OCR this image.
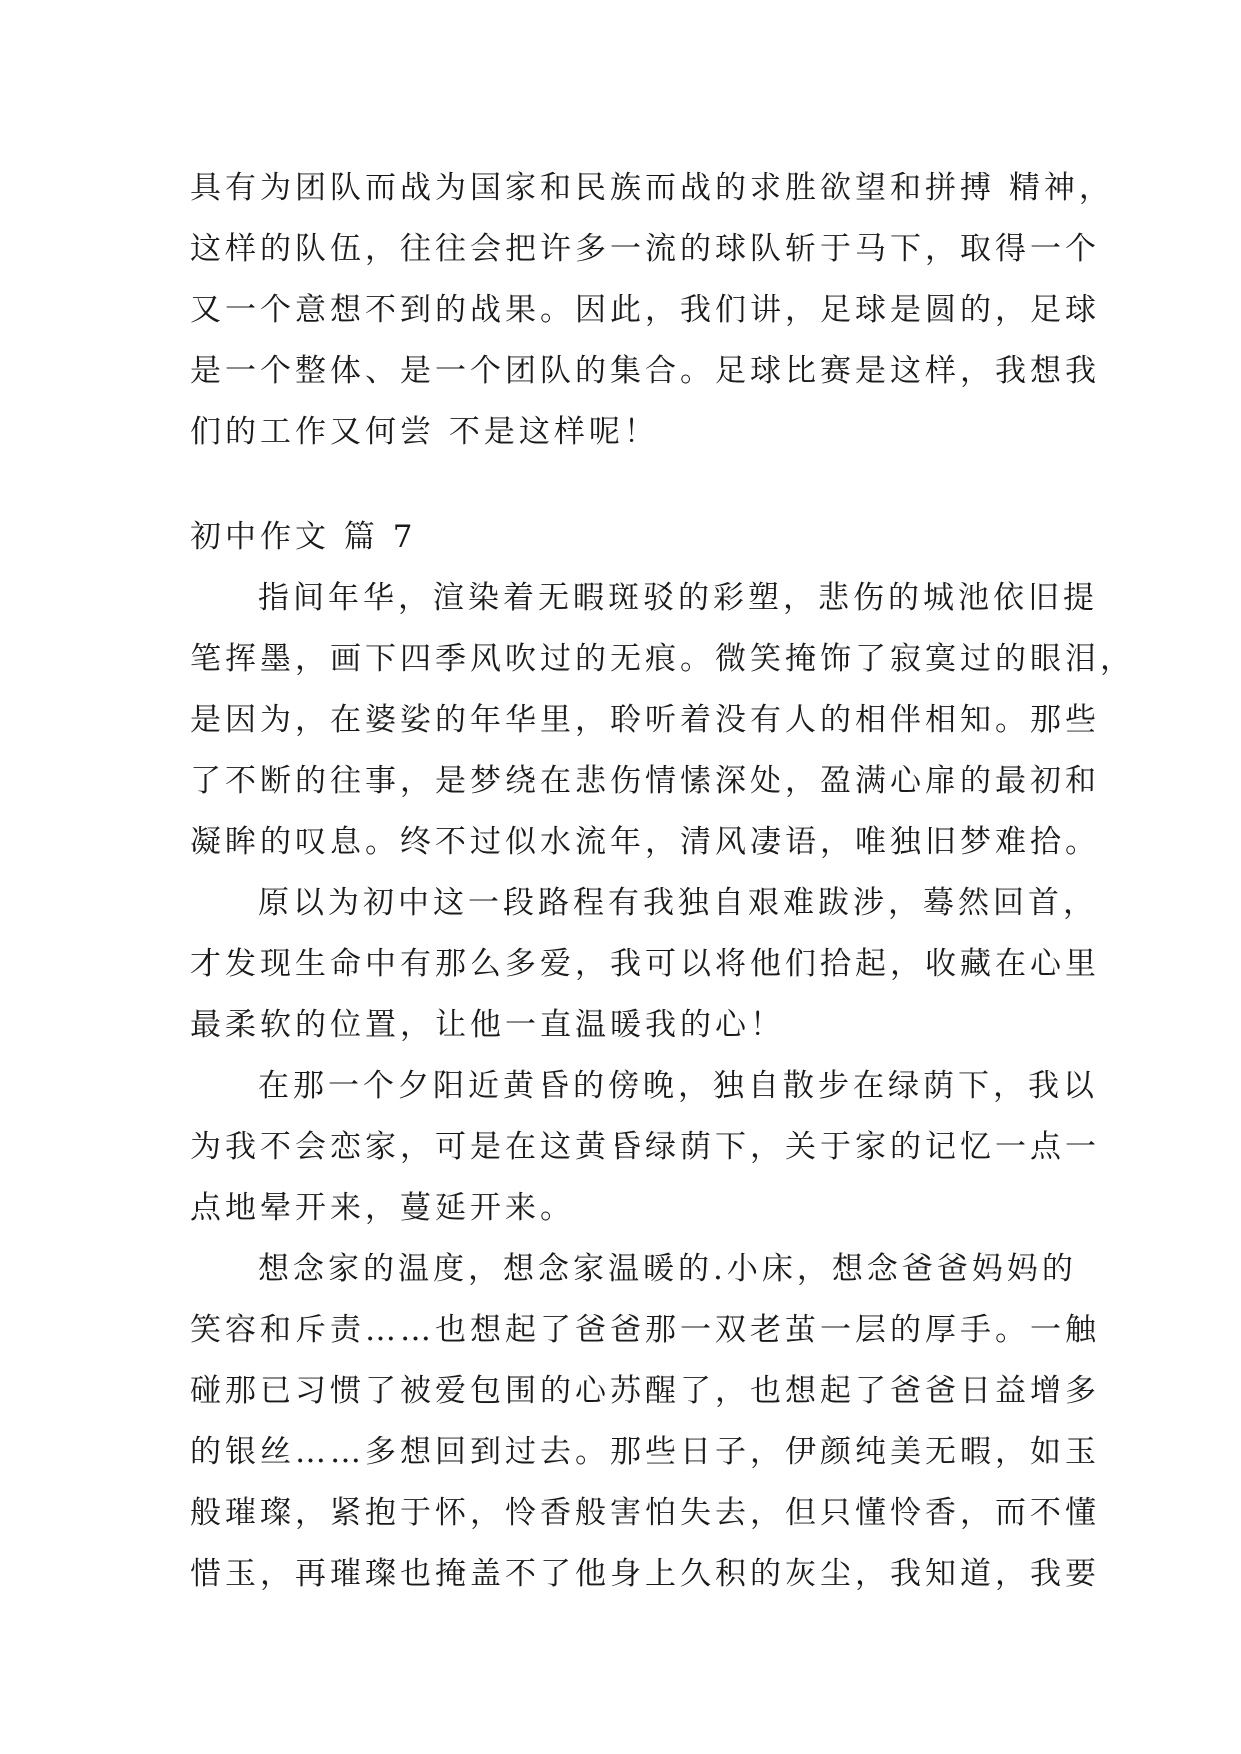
具有为团队而战为国家和民族而战的求胜欲望和拼搏 精神，
这样的队伍，往往会把许多一流的球队斩于马下，取得一个
又一个意想不到的战果。因此，我们讲，足球是圆的，足球
是一个整体、是一个团队的集合。足球比赛是这样，我想我
们的工作又何尝 不是这样呢！
初中作文 篇 7
指间年华，渲染着无暇斑驳的彩塑，悲伤的城池依旧提
笔挥墨，画下四季风吹过的无痕。微笑掩饰了寂寞过的眼泪，
是因为，在婆娑的年华里，聆听着没有人的相伴相知。那些
了不断的往事，是梦绕在悲伤情愫深处，盈满心扉的最初和
凝眸的叹息。终不过似水流年，清风凄语，唯独旧梦难拾。
原以为初中这一段路程有我独自艰难跋涉，蓦然回首，
才发现生命中有那么多爱，我可以将他们拾起，收藏在心里
最柔软的位置，让他一直温暖我的心！
在那一个夕阳近黄昏的傍晚，独自散步在绿荫下，我以
为我不会恋家，可是在这黄昏绿荫下，关于家的记忆一点一
点地晕开来，蔓延开来。
想念家的温度，想念家温暖的.小床，想念爸爸妈妈的
笑容和斥责……也想起了爸爸那一双老茧一层的厚手。一触
碰那已习惯了被爱包围的心苏醒了，也想起了爸爸日益增多
的银丝……多想回到过去。那些日子，伊颜纯美无暇，如玉
般璀璨，紧抱于怀，怜香般害怕失去，但只懂怜香，而不懂
惜玉，再璀璨也掩盖不了他身上久积的灰尘，我知道，我要
